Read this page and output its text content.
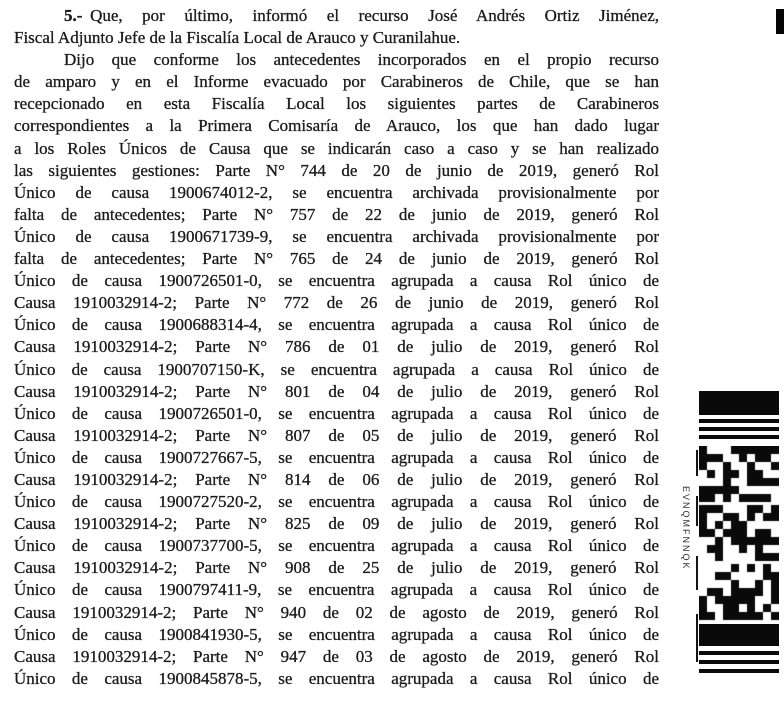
5.- Que, por último, informó el recurso José Andrés Ortiz Jiménez,
Fiscal Adjunto Jefe de la Fiscalía Local de Arauco y Curanilahue.
Dijo que conforme los antecedentes incorporados en el propio recurso
de amparo y en el Informe evacuado por Carabineros de Chile, que se han
recepcionado en esta Fiscalía Local los siguientes partes de Carabineros
correspondientes a la Primera Comisaría de Arauco, los que han dado lugar
a los Roles Únicos de Causa que se indicarán caso a caso y se han realizado
las siguientes gestiones: Parte N° 744 de 20 de junio de 2019, generó Rol
Único de causa 1900674012-2, se encuentra archivada provisionalmente por
falta de antecedentes; Parte N° 757 de 22 de junio de 2019, generó Rol
Único de causa 1900671739-9, se encuentra archivada provisionalmente por
falta de antecedentes; Parte N° 765 de 24 de junio de 2019, generó Rol
Único de causa 1900726501-0, se encuentra agrupada a causa Rol único de
Causa 1910032914-2; Parte N° 772 de 26 de junio de 2019, generó Rol
Único de causa 1900688314-4, se encuentra agrupada a causa Rol único de
Causa 1910032914-2; Parte N° 786 de 01 de julio de 2019, generó Rol
Único de causa 1900707150-K, se encuentra agrupada a causa Rol único de
Causa 1910032914-2; Parte N° 801 de 04 de julio de 2019, generó Rol
Único de causa 1900726501-0, se encuentra agrupada a causa Rol único de
Causa 1910032914-2; Parte N° 807 de 05 de julio de 2019, generó Rol
Único de causa 1900727667-5, se encuentra agrupada a causa Rol único de
Causa 1910032914-2; Parte N° 814 de 06 de julio de 2019, generó Rol
Único de causa 1900727520-2, se encuentra agrupada a causa Rol único de
Causa 1910032914-2; Parte N° 825 de 09 de julio de 2019, generó Rol
Único de causa 1900737700-5, se encuentra agrupada a causa Rol único de
Causa 1910032914-2; Parte N° 908 de 25 de julio de 2019, generó Rol
Único de causa 1900797411-9, se encuentra agrupada a causa Rol único de
Causa 1910032914-2; Parte N° 940 de 02 de agosto de 2019, generó Rol
Único de causa 1900841930-5, se encuentra agrupada a causa Rol único de
Causa 1910032914-2; Parte N° 947 de 03 de agosto de 2019, generó Rol
Único de causa 1900845878-5, se encuentra agrupada a causa Rol único de
EVNQMFNNQK
